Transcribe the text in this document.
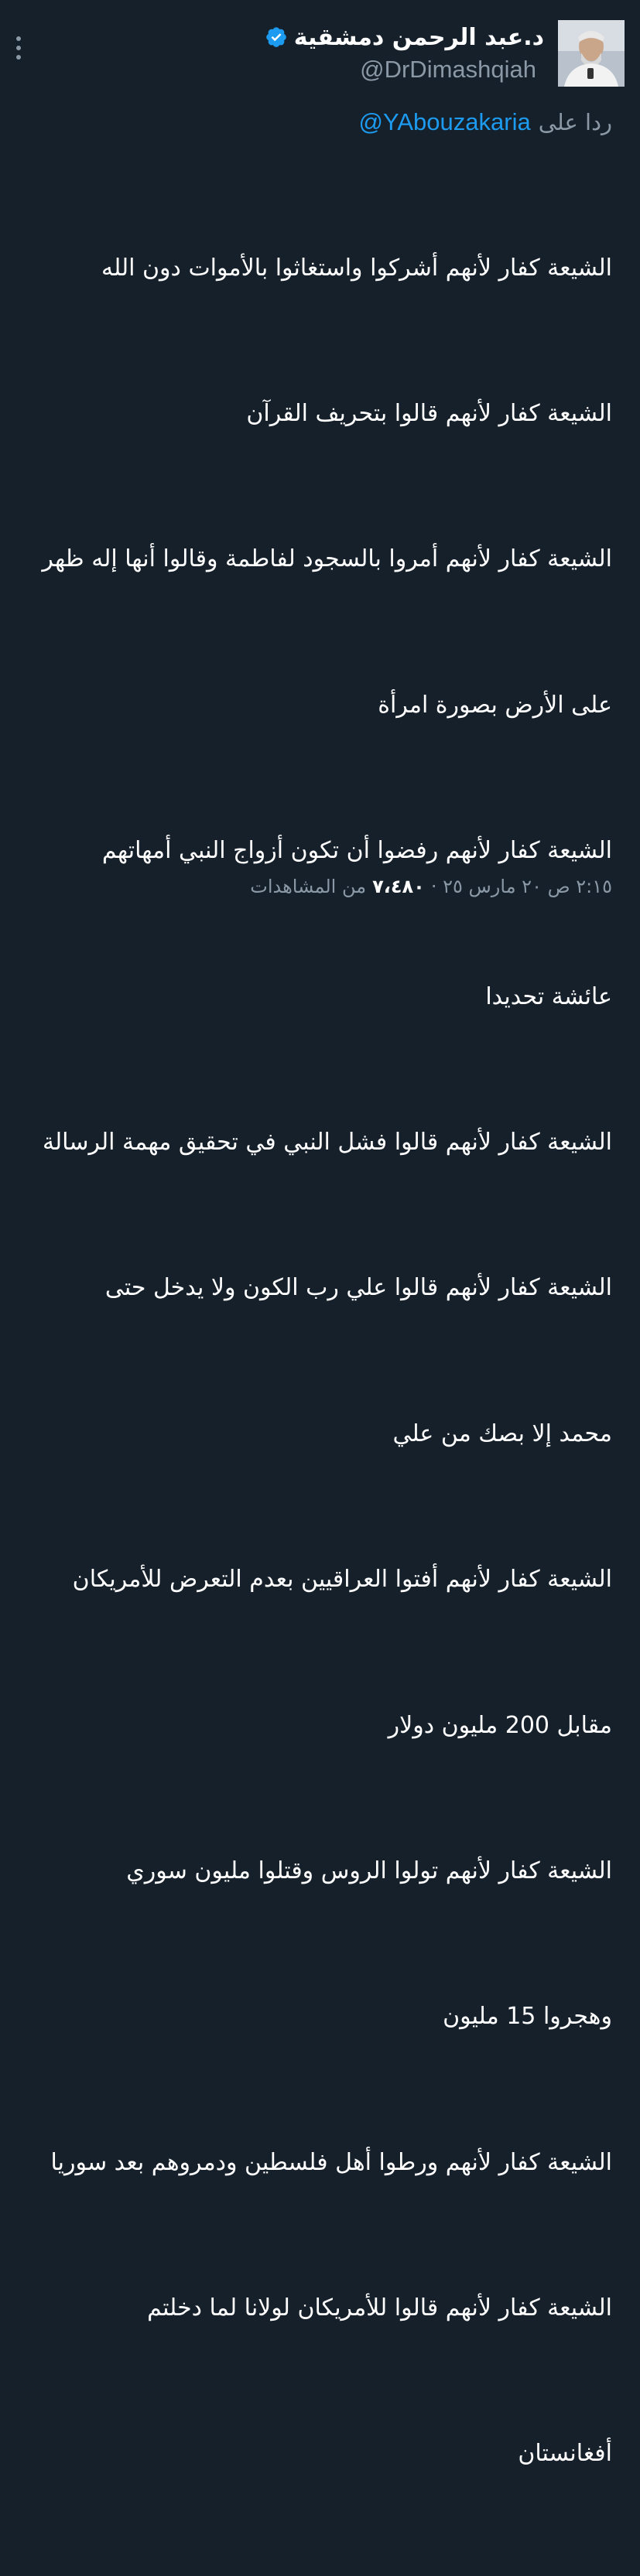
د.عبد الرحمن دمشقية
@DrDimashqiah
ردا على
@YAbouzakaria

الشيعة كفار لأنهم أشركوا واستغاثوا بالأموات دون الله

الشيعة كفار لأنهم قالوا بتحريف القرآن

الشيعة كفار لأنهم أمروا بالسجود لفاطمة وقالوا أنها إله ظهر

على الأرض بصورة امرأة

الشيعة كفار لأنهم رفضوا أن تكون أزواج النبي أمهاتهم

عائشة تحديدا

الشيعة كفار لأنهم قالوا فشل النبي في تحقيق مهمة الرسالة

الشيعة كفار لأنهم قالوا علي رب الكون ولا يدخل حتى

محمد إلا بصك من علي

الشيعة كفار لأنهم أفتوا العراقيين بعدم التعرض للأمريكان

مقابل 200 مليون دولار

الشيعة كفار لأنهم تولوا الروس وقتلوا مليون سوري

وهجروا 15 مليون

الشيعة كفار لأنهم ورطوا أهل فلسطين ودمروهم بعد سوريا

الشيعة كفار لأنهم قالوا للأمريكان لولانا لما دخلتم

أفغانستان

٢:١٥ ص ٢٠ مارس ٢٥ ·
٧،٤٨٠
من المشاهدات
